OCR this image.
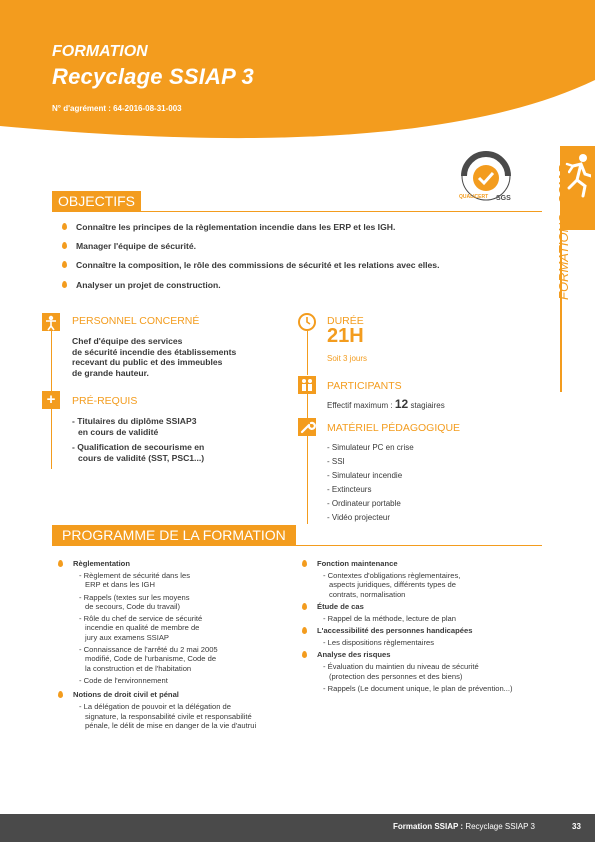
FORMATION
Recyclage SSIAP 3
N° d'agrément : 64-2016-08-31-003
QUALICERT SGS
FORMATIONS   SSIAP
OBJECTIFS
Connaître les principes de la règlementation incendie dans les ERP et les IGH.
Manager l'équipe de sécurité.
Connaître la composition, le rôle des commissions de sécurité et les relations avec elles.
Analyser un projet de construction.
PERSONNEL CONCERNÉ
Chef d'équipe des services
de sécurité incendie des établissements
recevant du public et des immeubles
de grande hauteur.
+	PRÉ-REQUIS
- Titulaires du diplôme SSIAP3
en cours de validité
- Qualification de secourisme en
cours de validité (SST, PSC1...)
DURÉE
21H
Soit 3 jours
PARTICIPANTS
Effectif maximum : 12 stagiaires
MATÉRIEL PÉDAGOGIQUE
- Simulateur PC en crise
- SSI
- Simulateur incendie
- Extincteurs
- Ordinateur portable
- Vidéo projecteur
PROGRAMME DE LA FORMATION
Règlementation
- Règlement de sécurité dans les
ERP et dans les IGH
- Rappels (textes sur les moyens
de secours, Code du travail)
- Rôle du chef de service de sécurité
incendie en qualité de membre de
jury aux examens SSIAP
- Connaissance de l'arrêté du 2 mai 2005
modifié, Code de l'urbanisme, Code de
la construction et de l'habitation
- Code de l'environnement
Notions de droit civil et pénal
- La délégation de pouvoir et la délégation de
signature, la responsabilité civile et responsabilité
pénale, le délit de mise en danger de la vie d'autrui
Fonction maintenance
- Contextes d'obligations règlementaires,
aspects juridiques, différents types de
contrats, normalisation
Étude de cas
- Rappel de la méthode, lecture de plan
L'accessibilité des personnes handicapées
- Les dispositions règlementaires
Analyse des risques
- Évaluation du maintien du niveau de sécurité
(protection des personnes et des biens)
- Rappels (Le document unique, le plan de prévention...)
Formation SSIAP : Recyclage SSIAP 3	33
